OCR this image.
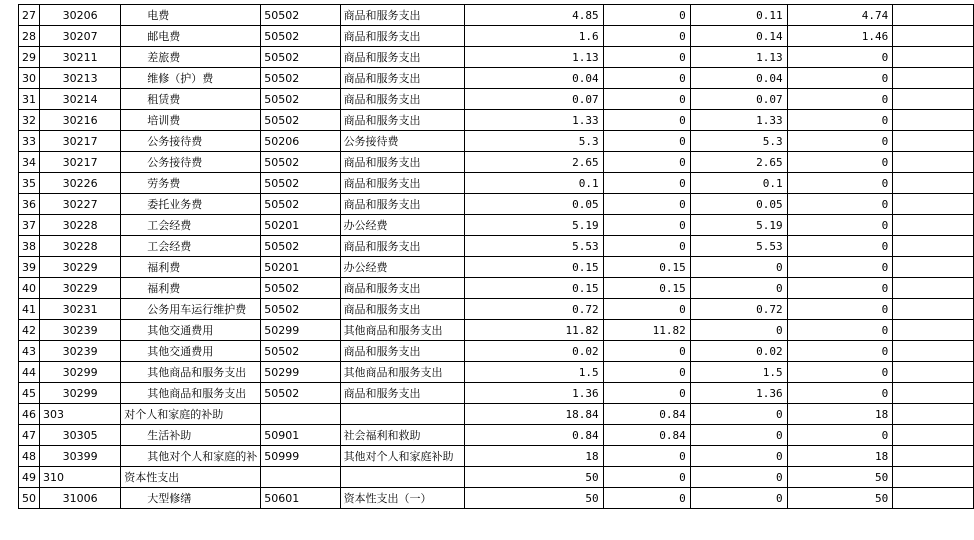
27	30206	电费	50502	商品和服务支出	4.85	0	0.11	4.74	
28	30207	邮电费	50502	商品和服务支出	1.6	0	0.14	1.46	
29	30211	差旅费	50502	商品和服务支出	1.13	0	1.13	0	
30	30213	维修（护）费	50502	商品和服务支出	0.04	0	0.04	0	
31	30214	租赁费	50502	商品和服务支出	0.07	0	0.07	0	
32	30216	培训费	50502	商品和服务支出	1.33	0	1.33	0	
33	30217	公务接待费	50206	公务接待费	5.3	0	5.3	0	
34	30217	公务接待费	50502	商品和服务支出	2.65	0	2.65	0	
35	30226	劳务费	50502	商品和服务支出	0.1	0	0.1	0	
36	30227	委托业务费	50502	商品和服务支出	0.05	0	0.05	0	
37	30228	工会经费	50201	办公经费	5.19	0	5.19	0	
38	30228	工会经费	50502	商品和服务支出	5.53	0	5.53	0	
39	30229	福利费	50201	办公经费	0.15	0.15	0	0	
40	30229	福利费	50502	商品和服务支出	0.15	0.15	0	0	
41	30231	公务用车运行维护费	50502	商品和服务支出	0.72	0	0.72	0	
42	30239	其他交通费用	50299	其他商品和服务支出	11.82	11.82	0	0	
43	30239	其他交通费用	50502	商品和服务支出	0.02	0	0.02	0	
44	30299	其他商品和服务支出	50299	其他商品和服务支出	1.5	0	1.5	0	
45	30299	其他商品和服务支出	50502	商品和服务支出	1.36	0	1.36	0	
46	303	对个人和家庭的补助			18.84	0.84	0	18	
47	30305	生活补助	50901	社会福利和救助	0.84	0.84	0	0	
48	30399	其他对个人和家庭的补	50999	其他对个人和家庭补助	18	0	0	18	
49	310	资本性支出			50	0	0	50	
50	31006	大型修缮	50601	资本性支出（一）	50	0	0	50	
